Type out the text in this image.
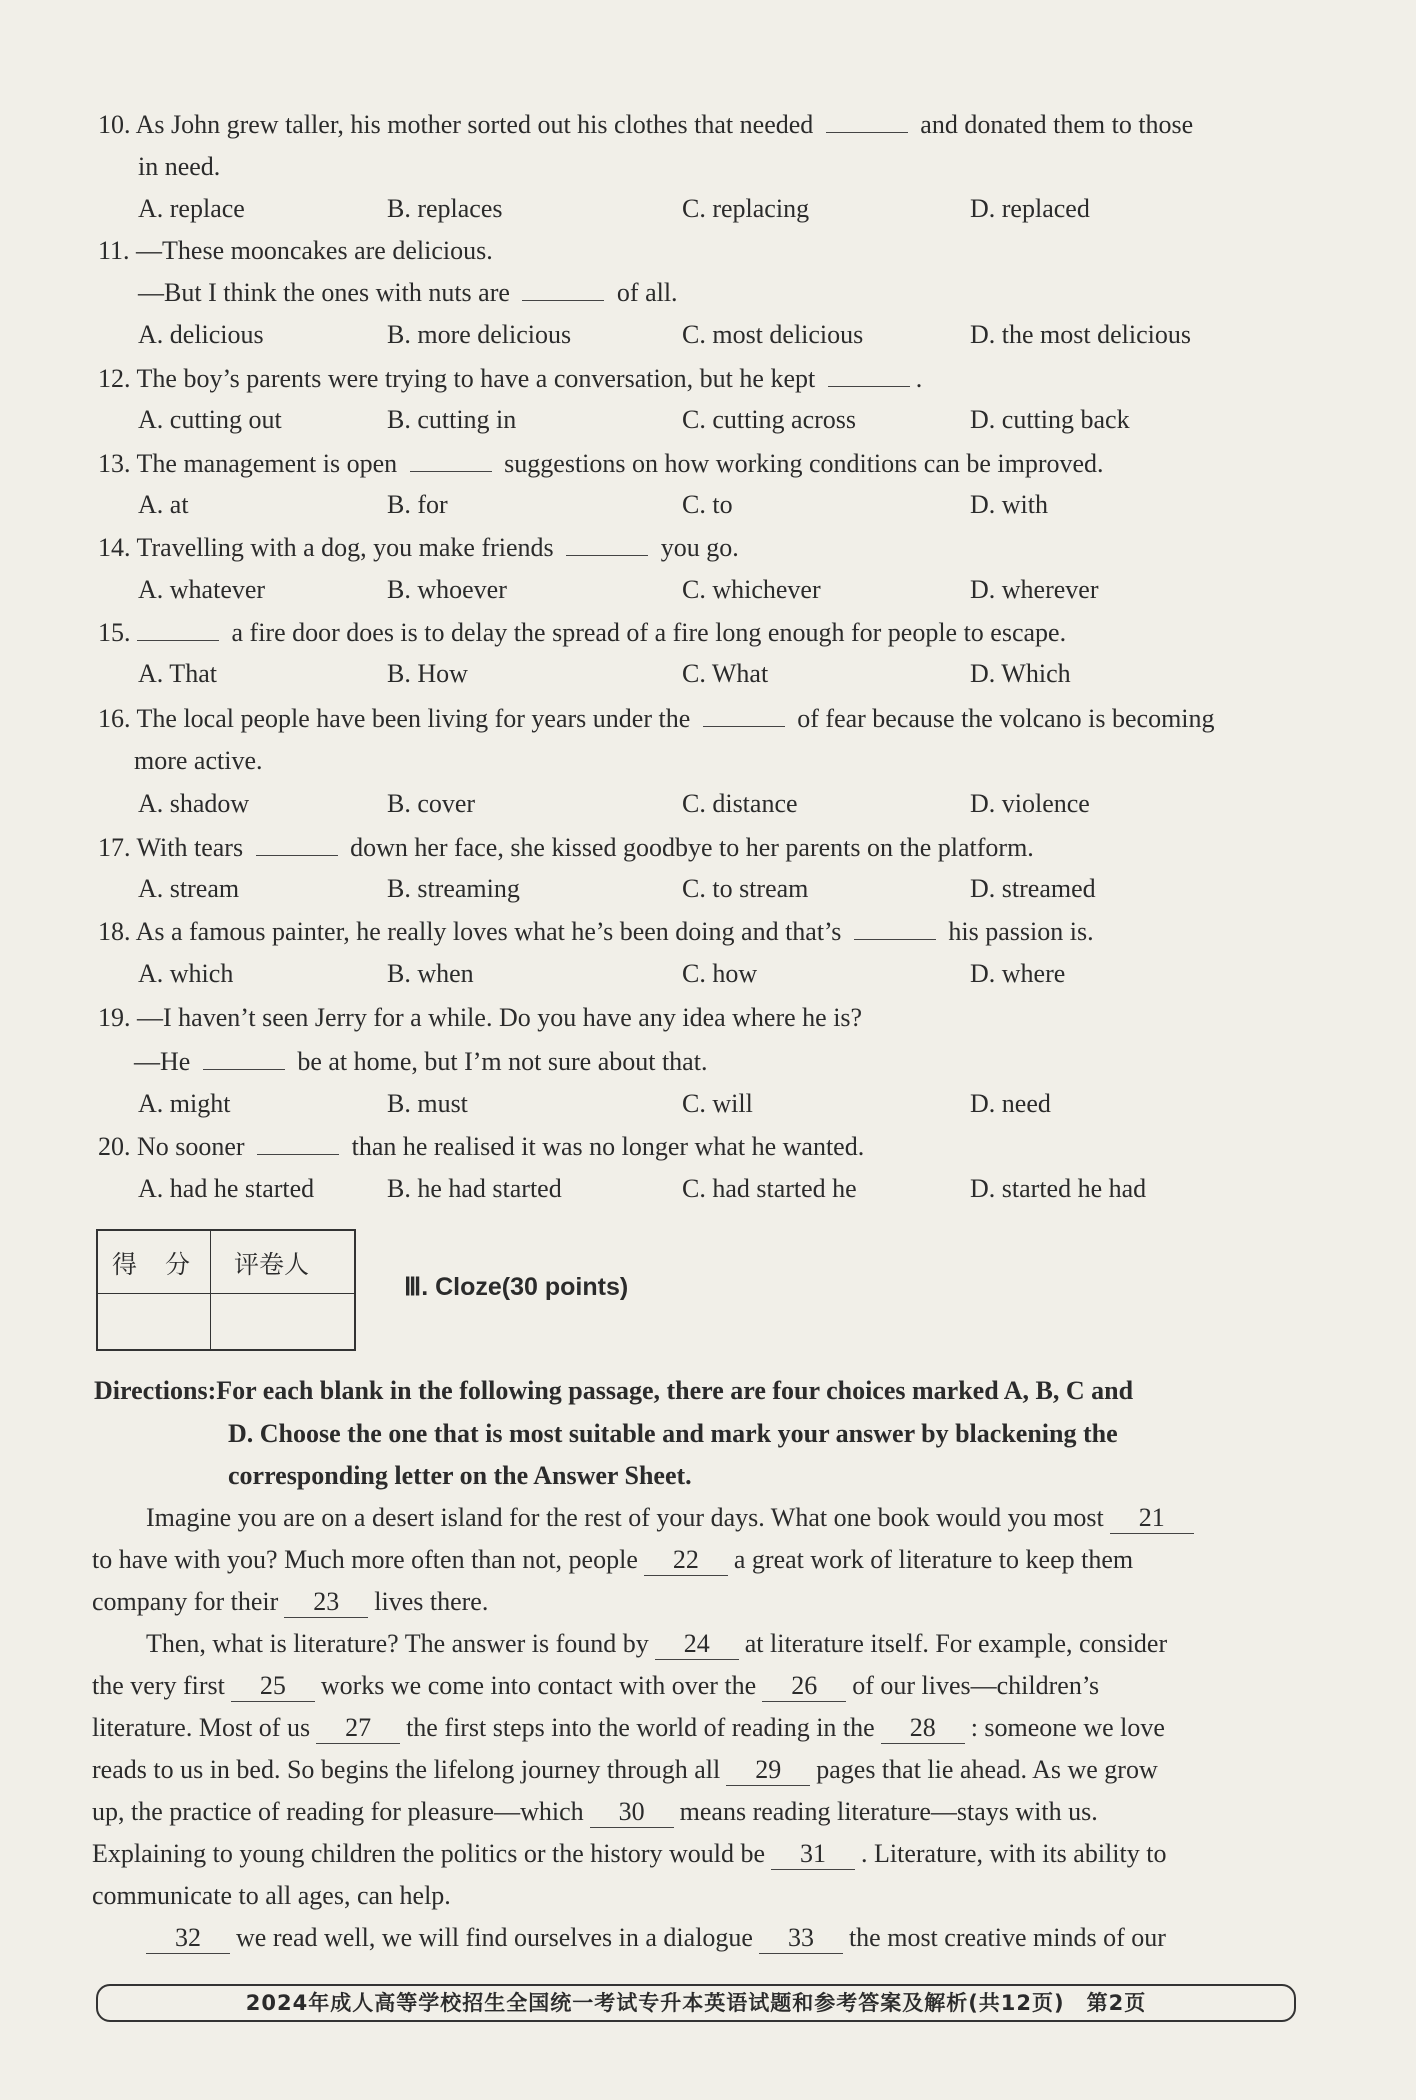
10. As John grew taller, his mother sorted out his clothes that needed	and donated them to those
in need.
A. replace	B. replaces	C. replacing	D. replaced
11. —These mooncakes are delicious.
—But I think the ones with nuts are	of all.
A. delicious	B. more delicious	C. most delicious	D. the most delicious
12. The boy’s parents were trying to have a conversation, but he kept	.
A. cutting out	B. cutting in	C. cutting across	D. cutting back
13. The management is open	suggestions on how working conditions can be improved.
A. at	B. for	C. to	D. with
14. Travelling with a dog, you make friends	you go.
A. whatever	B. whoever	C. whichever	D. wherever
15.	a fire door does is to delay the spread of a fire long enough for people to escape.
A. That	B. How	C. What	D. Which
16. The local people have been living for years under the	of fear because the volcano is becoming
more active.
A. shadow	B. cover	C. distance	D. violence
17. With tears	down her face, she kissed goodbye to her parents on the platform.
A. stream	B. streaming	C. to stream	D. streamed
18. As a famous painter, he really loves what he’s been doing and that’s	his passion is.
A. which	B. when	C. how	D. where
19. —I haven’t seen Jerry for a while. Do you have any idea where he is?
—He	be at home, but I’m not sure about that.
A. might	B. must	C. will	D. need
20. No sooner	than he realised it was no longer what he wanted.
A. had he started	B. he had started	C. had started he	D. started he had
得 分 评卷人
Ⅲ. Cloze(30 points)
Directions:For each blank in the following passage, there are four choices marked A, B, C and
D. Choose the one that is most suitable and mark your answer by blackening the
corresponding letter on the Answer Sheet.
Imagine you are on a desert island for the rest of your days. What one book would you most 21
to have with you? Much more often than not, people 22 a great work of literature to keep them
company for their 23 lives there.
Then, what is literature? The answer is found by 24 at literature itself. For example, consider
the very first 25 works we come into contact with over the 26 of our lives—children’s
literature. Most of us 27 the first steps into the world of reading in the 28 : someone we love
reads to us in bed. So begins the lifelong journey through all 29 pages that lie ahead. As we grow
up, the practice of reading for pleasure—which 30 means reading literature—stays with us.
Explaining to young children the politics or the history would be 31 . Literature, with its ability to
communicate to all ages, can help.
32 we read well, we will find ourselves in a dialogue 33 the most creative minds of our
2024年成人高等学校招生全国统一考试专升本英语试题和参考答案及解析(共12页)　第2页
